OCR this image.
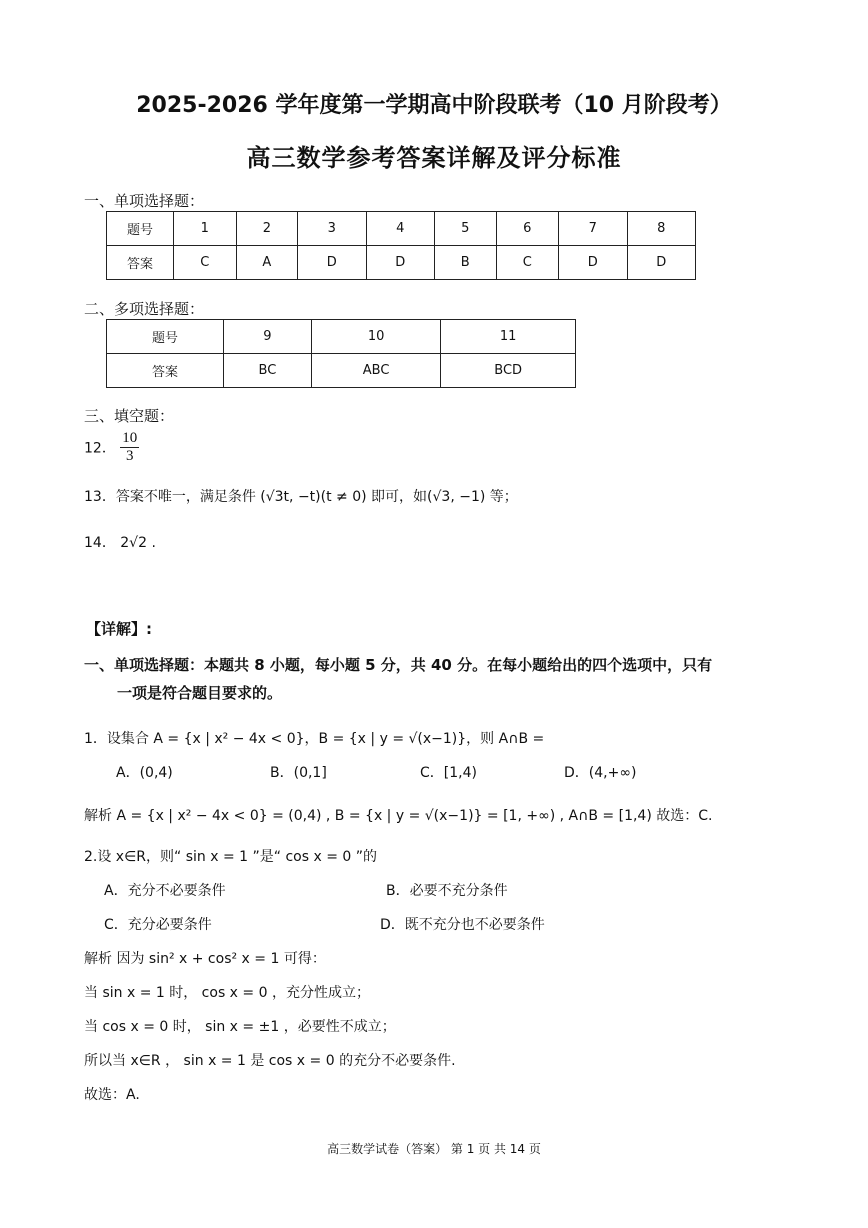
2025-2026 学年度第一学期高中阶段联考（10 月阶段考）
高三数学参考答案详解及评分标准
一、单项选择题：
题号	1	2	3	4	5	6	7	8
答案	C	A	D	D	B	C	D	D
二、多项选择题：
题号	9	10	11
答案	BC	ABC	BCD
三、填空题：
12． $\frac{10}{3}$
13．答案不唯一，满足条件 (√3t, −t)(t ≠ 0) 即可，如(√3, −1) 等；
14． 2√2 .
【详解】:
一、单项选择题：本题共 8 小题，每小题 5 分，共 40 分。在每小题给出的四个选项中，只有
一项是符合题目要求的。
1．设集合 A = {x | x² − 4x < 0}，B = {x | y = √(x−1)}，则 A∩B =
A．(0,4)	B．(0,1]	C．[1,4)	D．(4,+∞)
解析 A = {x | x² − 4x < 0} = (0,4) , B = {x | y = √(x−1)} = [1, +∞) , A∩B = [1,4) 故选：C.
2.设 x∈R，则“ sin x = 1 ”是“ cos x = 0 ”的
A．充分不必要条件	B．必要不充分条件
C．充分必要条件	D．既不充分也不必要条件
解析 因为 sin² x + cos² x = 1 可得：
当 sin x = 1 时， cos x = 0 ，充分性成立；
当 cos x = 0 时， sin x = ±1 ，必要性不成立；
所以当 x∈R ， sin x = 1 是 cos x = 0 的充分不必要条件.
故选：A.
高三数学试卷（答案） 第 1 页 共 14 页
